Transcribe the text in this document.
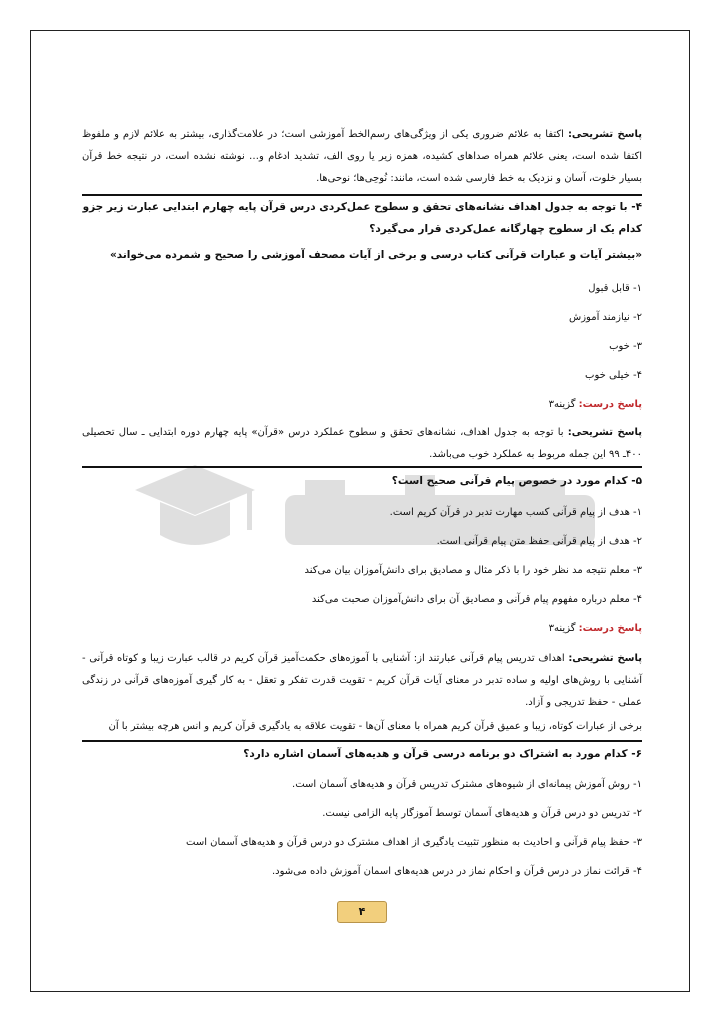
پاسخ تشریحی: اکتفا به علائم ضروری یکی از ویژگی‌های رسم‌الخط آموزشی است؛ در علامت‌گذاری، بیشتر به علائم لازم و ملفوظ اکتفا شده است، یعنی علائم همراه صداهای کشیده، همزه زیر یا روی الف، تشدید ادغام و… نوشته نشده است، در نتیجه خط قرآن بسیار خلوت، آسان و نزدیک به خط فارسی شده است، مانند: نُوحِی‌ها؛ نوحی‌ها.

۴- با توجه به جدول اهداف نشانه‌های تحقق و سطوح عمل‌کردی درس قرآن پایه چهارم ابتدایی عبارت زیر جزو کدام یک از سطوح چهارگانه عمل‌کردی قرار می‌گیرد؟

«بیشتر آیات و عبارات قرآنی کتاب درسی و برخی از آیات مصحف آموزشی را صحیح و شمرده می‌خواند»

۱- قابل قبول

۲- نیازمند آموزش

۳- خوب

۴- خیلی خوب

پاسخ درست: گزینه۳

پاسخ تشریحی: با توجه به جدول اهداف، نشانه‌های تحقق و سطوح عملکرد درس «قرآن» پایه چهارم دوره ابتدایی ـ سال تحصیلی ۴۰۰ـ ۹۹ این جمله مربوط به عملکرد خوب می‌باشد.

۵- کدام مورد در خصوص پیام قرآنی صحیح است؟

۱- هدف از پیام قرآنی کسب مهارت تدبر در قرآن کریم است.

۲- هدف از پیام قرآنی حفظ متن پیام قرآنی است.

۳- معلم نتیجه مد نظر خود را با ذکر مثال و مصادیق برای دانش‌آموزان بیان می‌کند

۴- معلم درباره مفهوم پیام قرآنی و مصادیق آن برای دانش‌آموزان صحبت می‌کند

پاسخ درست: گزینه۳

پاسخ تشریحی: اهداف تدریس پیام قرآنی عبارتند از: آشنایی با آموزه‌های حکمت‌آمیز قرآن کریم در قالب عبارت زیبا و کوتاه قرآنی - آشنایی با روش‌های اولیه و ساده تدبر در معنای آیات قرآن کریم - تقویت قدرت تفکر و تعقل - به کار گیری آموزه‌های قرآنی در زندگی عملی - حفظ تدریجی و آزاد.

برخی از عبارات کوتاه، زیبا و عمیق قرآن کریم همراه با معنای آن‌ها - تقویت علاقه به یادگیری قرآن کریم و انس هرچه بیشتر با آن

۶- کدام مورد به اشتراک دو برنامه درسی قرآن و هدیه‌های آسمان اشاره دارد؟

۱- روش آموزش پیمانه‌ای از شیوه‌های مشترک تدریس قرآن و هدیه‌های آسمان است.

۲- تدریس دو درس قرآن و هدیه‌های آسمان توسط آموزگار پایه الزامی نیست.

۳- حفظ پیام قرآنی و احادیث به منظور تثبیت یادگیری از اهداف مشترک دو درس قرآن و هدیه‌های آسمان است

۴- قرائت نماز در درس قرآن و احکام نماز در درس هدیه‌های اسمان آموزش داده می‌شود.

۴
